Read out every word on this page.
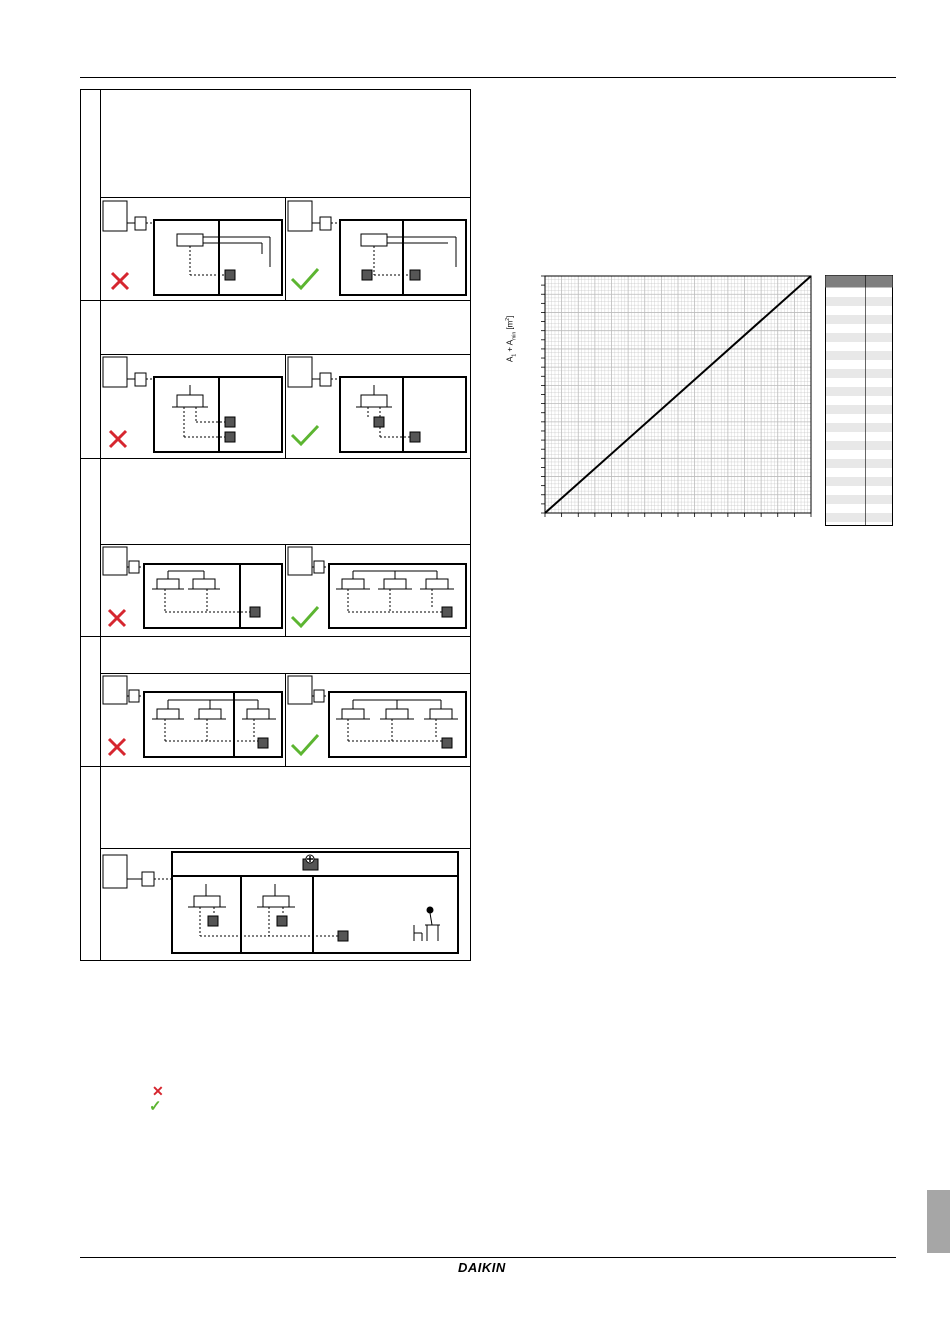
✕
✓
$A_1 + A_{min}$ $[m^2]$
DAIKIN
